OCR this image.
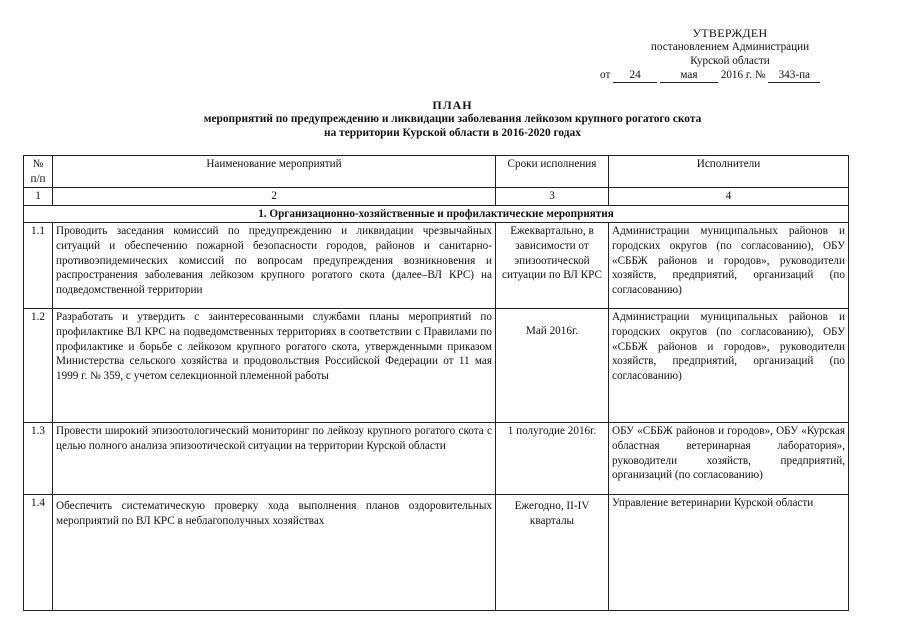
УТВЕРЖДЕН
постановлением Администрации
Курской области
от 24	мая 2016 г. № 343-па
ПЛАН
мероприятий по предупреждению и ликвидации заболевания лейкозом крупного рогатого скота
на территории Курской области в 2016-2020 годах
№ п/п	Наименование мероприятий	Сроки исполнения	Исполнители
1	2	3	4
1. Организационно-хозяйственные и профилактические мероприятия			
1.1	Проводить заседания комиссий по предупреждению и ликвидации чрезвычайных ситуаций и обеспечению пожарной безопасности городов, районов и санитарно-противоэпидемических комиссий по вопросам предупреждения возникновения и распространения заболевания лейкозом крупного рогатого скота (далее–ВЛ КРС) на подведомственной территории	Ежеквартально, в зависимости от эпизоотической ситуации по ВЛ КРС	Администрации муниципальных районов и городских округов (по согласованию), ОБУ «СББЖ районов и городов», руководители хозяйств, предприятий, организаций (по согласованию)
1.2	Разработать и утвердить с заинтересованными службами планы мероприятий по профилактике ВЛ КРС на подведомственных территориях в соответствии с Правилами по профилактике и борьбе с лейкозом крупного рогатого скота, утвержденными приказом Министерства сельского хозяйства и продовольствия Российской Федерации от 11 мая 1999 г. № 359, с учетом селекционной племенной работы	Май 2016г.	Администрации муниципальных районов и городских округов (по согласованию), ОБУ «СББЖ районов и городов», руководители хозяйств, предприятий, организаций (по согласованию)
1.3	Провести широкий эпизоотологический мониторинг по лейкозу крупного рогатого скота с целью полного анализа эпизоотической ситуации на территории Курской области	1 полугодие 2016г.	ОБУ «СББЖ районов и городов», ОБУ «Курская областная ветеринарная лаборатория», руководители хозяйств, предприятий, организаций (по согласованию)
1.4	Обеспечить систематическую проверку хода выполнения планов оздоровительных мероприятий по ВЛ КРС в неблагополучных хозяйствах	Ежегодно, II-IV кварталы	Управление ветеринарии Курской области
